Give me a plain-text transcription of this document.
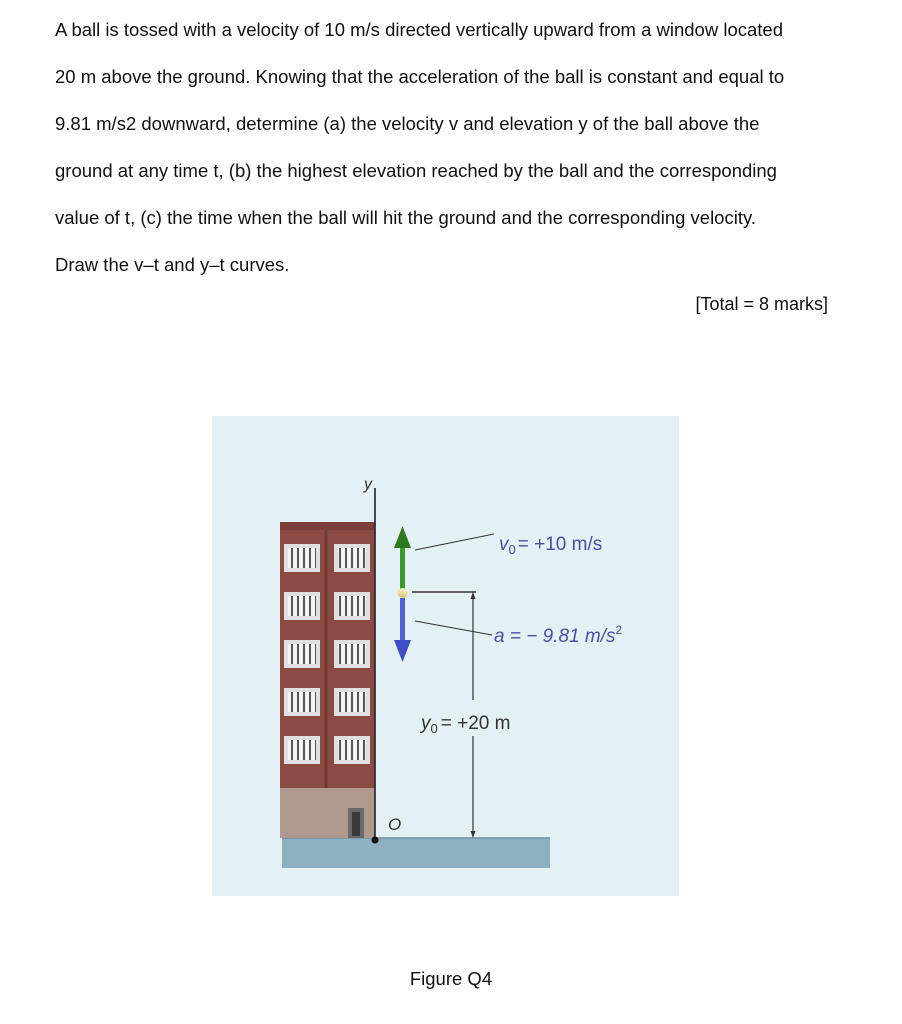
A ball is tossed with a velocity of 10 m/s directed vertically upward from a window located
20 m above the ground. Knowing that the acceleration of the ball is constant and equal to
9.81 m/s2 downward, determine (a) the velocity v and elevation y of the ball above the
ground at any time t, (b) the highest elevation reached by the ball and the corresponding
value of t, (c) the time when the ball will hit the ground and the corresponding velocity.
Draw the v–t and y–t curves.
[Total = 8 marks]
y
O
$v_0 = +10$ m/s
a = − 9.81 $m/s^2$
$y_0 = +20$ m
Figure Q4
